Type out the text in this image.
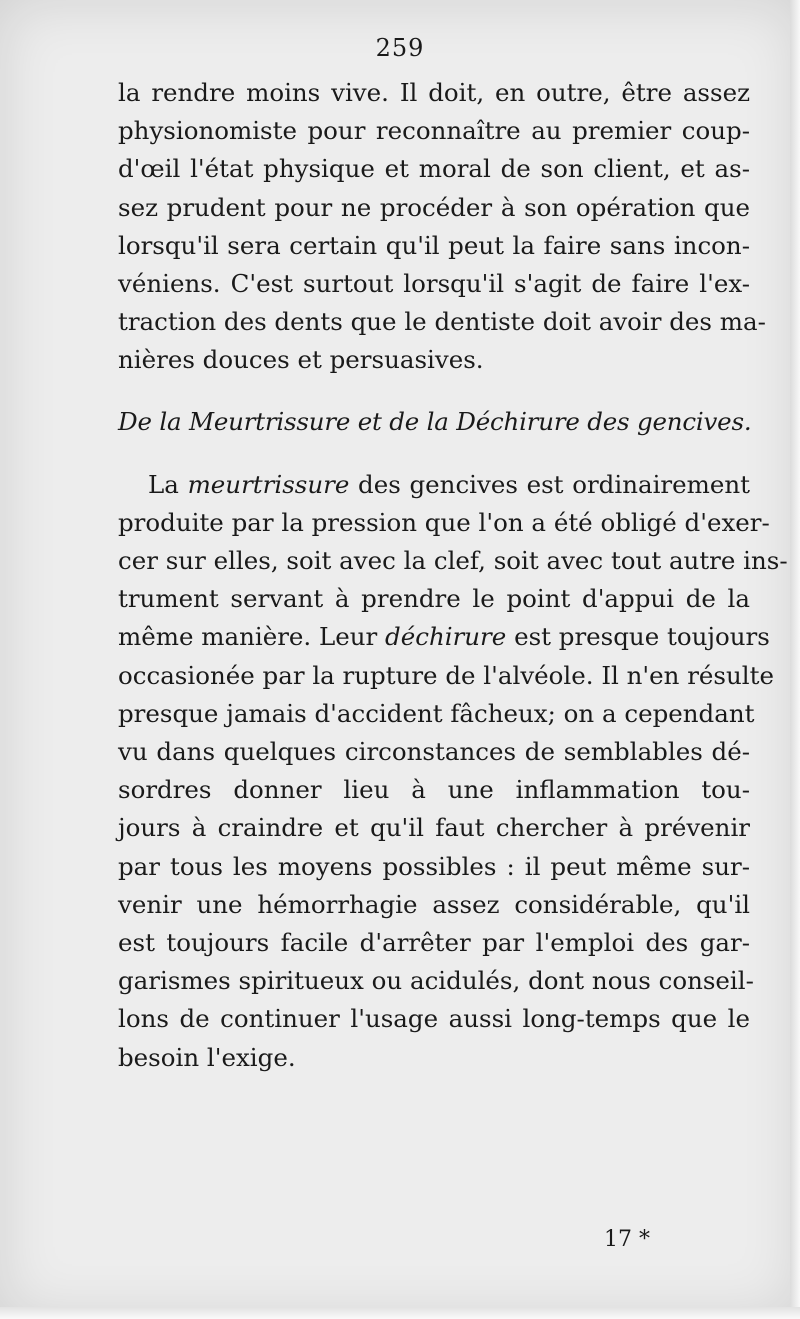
259
la rendre moins vive. Il doit, en outre, être assez
physionomiste pour reconnaître au premier coup-
d'œil l'état physique et moral de son client, et as-
sez prudent pour ne procéder à son opération que
lorsqu'il sera certain qu'il peut la faire sans incon-
véniens. C'est surtout lorsqu'il s'agit de faire l'ex-
traction des dents que le dentiste doit avoir des ma-
nières douces et persuasives.
De la Meurtrissure et de la Déchirure des gencives.
La meurtrissure des gencives est ordinairement
produite par la pression que l'on a été obligé d'exer-
cer sur elles, soit avec la clef, soit avec tout autre ins-
trument servant à prendre le point d'appui de la
même manière. Leur déchirure est presque toujours
occasionée par la rupture de l'alvéole. Il n'en résulte
presque jamais d'accident fâcheux; on a cependant
vu dans quelques circonstances de semblables dé-
sordres donner lieu à une inflammation tou-
jours à craindre et qu'il faut chercher à prévenir
par tous les moyens possibles : il peut même sur-
venir une hémorrhagie assez considérable, qu'il
est toujours facile d'arrêter par l'emploi des gar-
garismes spiritueux ou acidulés, dont nous conseil-
lons de continuer l'usage aussi long-temps que le
besoin l'exige.
17 *
